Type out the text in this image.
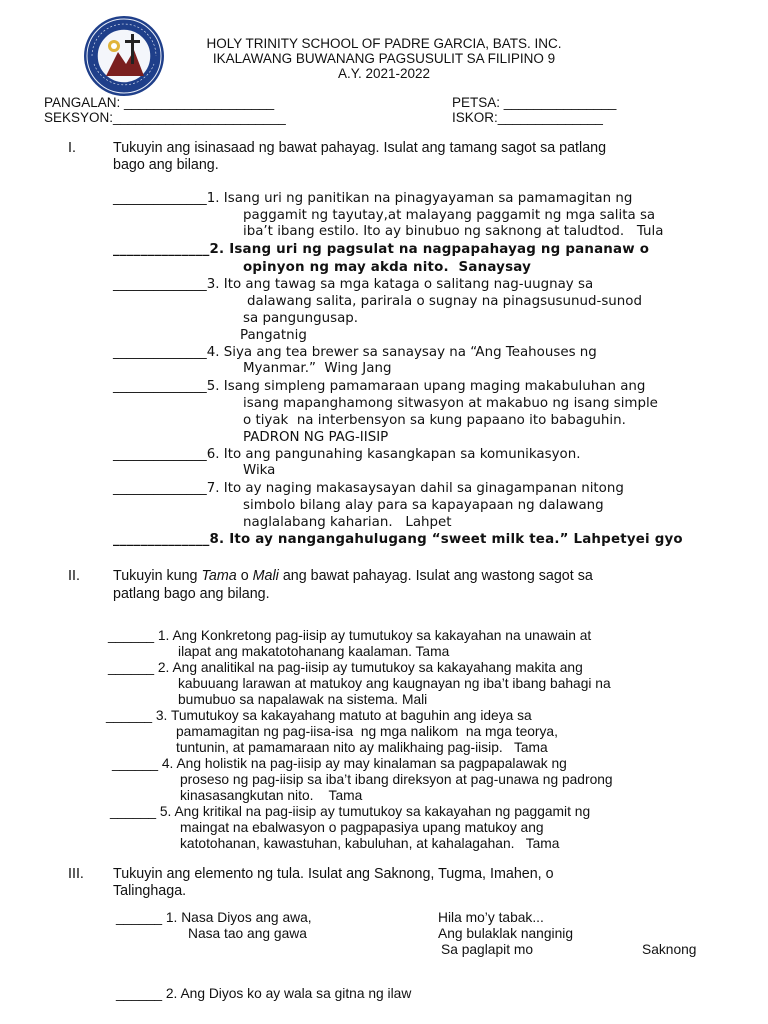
HOLY TRINITY SCHOOL OF PADRE GARCIA, BATS. INC.
IKALAWANG BUWANANG PAGSUSULIT SA FILIPINO 9
A.Y. 2021-2022
PANGALAN: ____________________	PETSA: _______________
SEKSYON:_______________________	ISKOR:______________
I.	Tukuyin ang isinasaad ng bawat pahayag. Isulat ang tamang sagot sa patlang
bago ang bilang.
______________1. Isang uri ng panitikan na pinagyayaman sa pamamagitan ng
paggamit ng tayutay,at malayang paggamit ng mga salita sa
iba’t ibang estilo. Ito ay binubuo ng saknong at taludtod.   Tula
______________2. Isang uri ng pagsulat na nagpapahayag ng pananaw o
opinyon ng may akda nito.  Sanaysay
______________3. Ito ang tawag sa mga kataga o salitang nag-uugnay sa
dalawang salita, parirala o sugnay na pinagsusunud-sunod
sa pangungusap.
Pangatnig
______________4. Siya ang tea brewer sa sanaysay na “Ang Teahouses ng
Myanmar.”  Wing Jang
______________5. Isang simpleng pamamaraan upang maging makabuluhan ang
isang mapanghamong sitwasyon at makabuo ng isang simple
o tiyak  na interbensyon sa kung papaano ito babaguhin.
PADRON NG PAG-IISIP
______________6. Ito ang pangunahing kasangkapan sa komunikasyon.
Wika
______________7. Ito ay naging makasaysayan dahil sa ginagampanan nitong
simbolo bilang alay para sa kapayapaan ng dalawang
naglalabang kaharian.   Lahpet
______________8. Ito ay nangangahulugang “sweet milk tea.” Lahpetyei gyo
II. Tukuyin kung Tama o Mali ang bawat pahayag. Isulat ang wastong sagot sa
patlang bago ang bilang.
______ 1. Ang Konkretong pag-iisip ay tumutukoy sa kakayahan na unawain at
ilapat ang makatotohanang kaalaman. Tama
______ 2. Ang analitikal na pag-iisip ay tumutukoy sa kakayahang makita ang
kabuuang larawan at matukoy ang kaugnayan ng iba’t ibang bahagi na
bumubuo sa napalawak na sistema. Mali
______ 3. Tumutukoy sa kakayahang matuto at baguhin ang ideya sa
pamamagitan ng pag-iisa-isa  ng mga nalikom  na mga teorya,
tuntunin, at pamamaraan nito ay malikhaing pag-iisip.   Tama
______ 4. Ang holistik na pag-iisip ay may kinalaman sa pagpapalawak ng
proseso ng pag-iisip sa iba’t ibang direksyon at pag-unawa ng padrong
kinasasangkutan nito.    Tama
______ 5. Ang kritikal na pag-iisip ay tumutukoy sa kakayahan ng paggamit ng
maingat na ebalwasyon o pagpapasiya upang matukoy ang
katotohanan, kawastuhan, kabuluhan, at kahalagahan.   Tama
III. Tukuyin ang elemento ng tula. Isulat ang Saknong, Tugma, Imahen, o
Talinghaga.
______ 1. Nasa Diyos ang awa,
Nasa tao ang gawa
Hila mo’y tabak...
Ang bulaklak nanginig
Sa paglapit mo	Saknong
______ 2. Ang Diyos ko ay wala sa gitna ng ilaw
